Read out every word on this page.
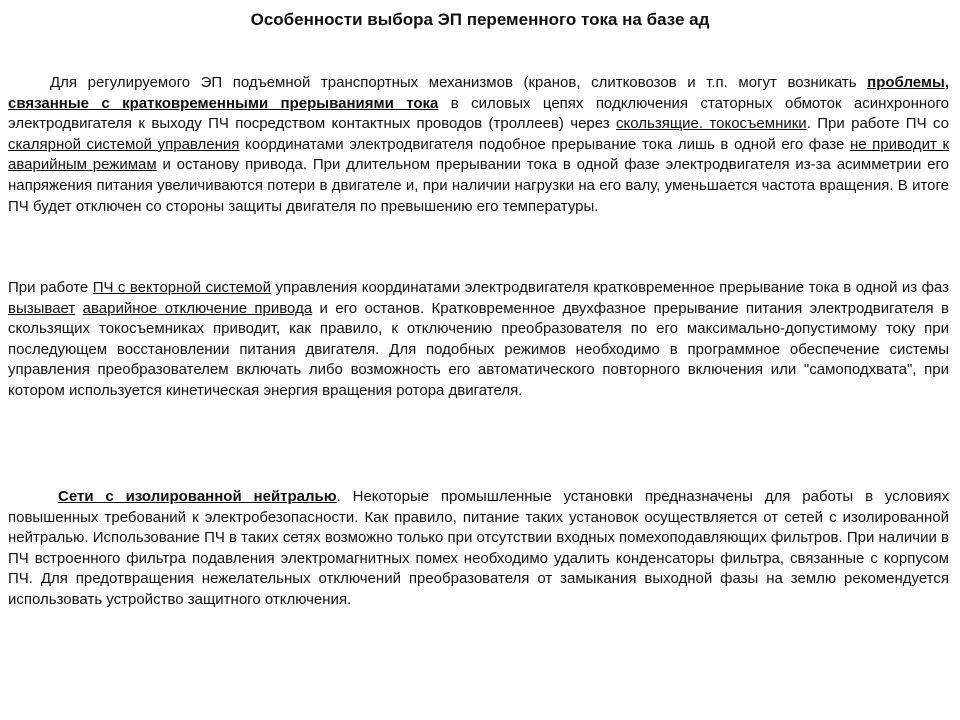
Особенности выбора ЭП переменного тока на базе ад

Для регулируемого ЭП подъемной транспортных механизмов (кранов, слитковозов и т.п. могут возникать проблемы, связанные с кратковременными прерываниями тока в силовых цепях подключения статорных обмоток асинхронного электродвигателя к выходу ПЧ посредством контактных проводов (троллеев) через скользящие. токосъемники. При работе ПЧ со скалярной системой управления координатами электродвигателя подобное прерывание тока лишь в одной его фазе не приводит к аварийным режимам и останову привода. При длительном прерывании тока в одной фазе электродвигателя из-за асимметрии его напряжения питания увеличиваются потери в двигателе и, при наличии нагрузки на его валу, уменьшается частота вращения. В итоге ПЧ будет отключен со стороны защиты двигателя по превышению его температуры.

При работе ПЧ с векторной системой управления координатами электродвигателя кратковременное прерывание тока в одной из фаз вызывает аварийное отключение привода и его останов. Кратковременное двухфазное прерывание питания электродвигателя в скользящих токосъемниках приводит, как правило, к отключению преобразователя по его максимально-допустимому току при последующем восстановлении питания двигателя. Для подобных режимов необходимо в программное обеспечение системы управления преобразователем включать либо возможность его автоматического повторного включения или "самоподхвата", при котором используется кинетическая энергия вращения ротора двигателя.

Сети с изолированной нейтралью. Некоторые промышленные установки предназначены для работы в условиях повышенных требований к электробезопасности. Как правило, питание таких установок осуществляется от сетей с изолированной нейтралью. Использование ПЧ в таких сетях возможно только при отсутствии входных помехоподавляющих фильтров. При наличии в ПЧ встроенного фильтра подавления электромагнитных помех необходимо удалить конденсаторы фильтра, связанные с корпусом ПЧ. Для предотвращения нежелательных отключений преобразователя от замыкания выходной фазы на землю рекомендуется использовать устройство защитного отключения.
